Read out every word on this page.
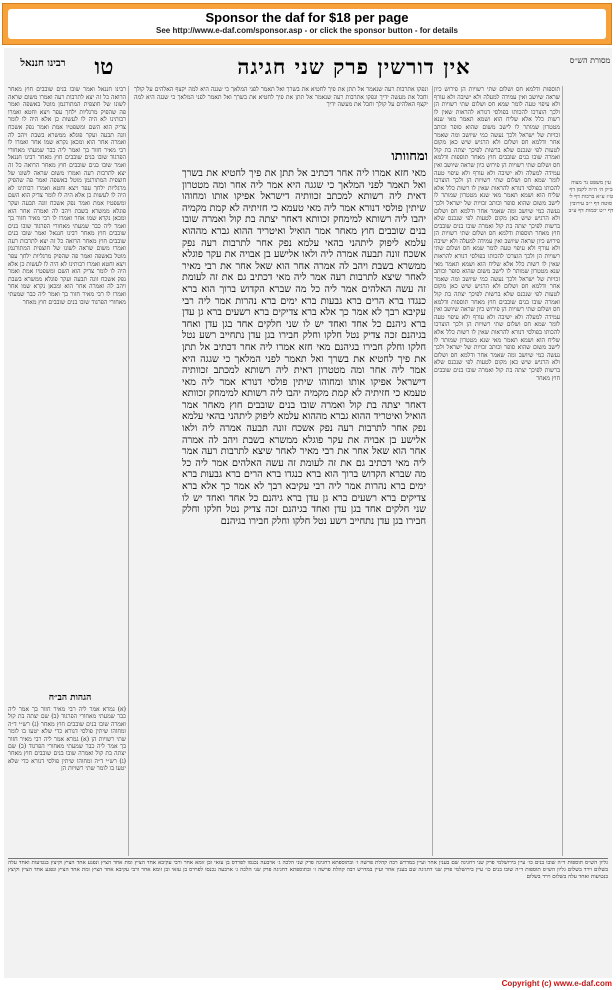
Sponsor the daf for $18 per page
See http://www.e-daf.com/sponsor.asp - or click the sponsor button - for details
מסורת הש״ס
אין דורשין פרק שני חגיגה
טו
רבינו חננאל
תוספות ודלמא חס ושלום שתי רשויות הן פירוש כיון שראה שיושב ואין עמידה למעלה ולא ישיבה ולא עורף ולא עיפוי טעה לומר שמא חס ושלום שתי רשויות הן ולכך הוצרכו להכותו בפולסי דנורא להראות שאין לו רשות כלל אלא שליח הוא ושמא תאמר מאי שנא מטטרון שמותר לו לישב משום שהוא סופר וכותב זכויות של ישראל ולכך נעשה כמי שיושב ומה שאמר אחר ודלמא חס ושלום ולא הרגיש שיש כאן מקום לטעות לפי שנכנס שלא ברשות לפיכך יצתה בת קול ואמרה שובו בנים שובבים חוץ מאחר תוספות ודלמא חס ושלום שתי רשויות הן פירוש כיון שראה שיושב ואין עמידה למעלה ולא ישיבה ולא עורף ולא עיפוי טעה לומר שמא חס ושלום שתי רשויות הן ולכך הוצרכו להכותו בפולסי דנורא להראות שאין לו רשות כלל אלא שליח הוא ושמא תאמר מאי שנא מטטרון שמותר לו לישב משום שהוא סופר וכותב זכויות של ישראל ולכך נעשה כמי שיושב ומה שאמר אחר ודלמא חס ושלום ולא הרגיש שיש כאן מקום לטעות לפי שנכנס שלא ברשות לפיכך יצתה בת קול ואמרה שובו בנים שובבים חוץ מאחר תוספות ודלמא חס ושלום שתי רשויות הן פירוש כיון שראה שיושב ואין עמידה למעלה ולא ישיבה ולא עורף ולא עיפוי טעה לומר שמא חס ושלום שתי רשויות הן ולכך הוצרכו להכותו בפולסי דנורא להראות שאין לו רשות כלל אלא שליח הוא ושמא תאמר מאי שנא מטטרון שמותר לו לישב משום שהוא סופר וכותב זכויות של ישראל ולכך נעשה כמי שיושב ומה שאמר אחר ודלמא חס ושלום ולא הרגיש שיש כאן מקום לטעות לפי שנכנס שלא ברשות לפיכך יצתה בת קול ואמרה שובו בנים שובבים חוץ מאחר תוספות ודלמא חס ושלום שתי רשויות הן פירוש כיון שראה שיושב ואין עמידה למעלה ולא ישיבה ולא עורף ולא עיפוי טעה לומר שמא חס ושלום שתי רשויות הן ולכך הוצרכו להכותו בפולסי דנורא להראות שאין לו רשות כלל אלא שליח הוא ושמא תאמר מאי שנא מטטרון שמותר לו לישב משום שהוא סופר וכותב זכויות של ישראל ולכך נעשה כמי שיושב ומה שאמר אחר ודלמא חס ושלום ולא הרגיש שיש כאן מקום לטעות לפי שנכנס שלא ברשות לפיכך יצתה בת קול ואמרה שובו בנים שובבים חוץ מאחר
עין משפט נר מצוה ב״ק ה׳ ה״ה לקמן דף ט״ז ע״א ברכות דף ל׳ סוטה דף י״ב עירובין דף י״ט יבמות דף ע״ב
ונפקו אתרבות רעה שנאמר אל תתן את פיך לחטיא את בשרך ואל תאמר לפני המלאך כי שגגה היא למה יקצף האלהים על קולך וחבל את מעשה ידיך ונפקו אתרבות רעה שנאמר אל תתן את פיך לחטיא את בשרך ואל תאמר לפני המלאך כי שגגה היא למה יקצף האלהים על קולך וחבל את מעשה ידיך
ומחוותו
מאי חזא אמרו ליה אחר דכתיב אל תתן את פיך לחטיא את בשרך ואל תאמר לפני המלאך כי שגגה היא אמר ליה אחר ומה מטטרון דאית ליה רשותא למכתב זכוותיה דישראל אפיקו אותו ומחוהו שיתין פולסי דנורא אמר ליה מאי טעמא כי חזיתיה לא קמת מקמיה יהבו ליה רשותא למימחק זכוותא דאחר יצתה בת קול ואמרה שובו בנים שובבים חוץ מאחר אמר הואיל ואיטריד ההוא גברא מההוא עלמא ליפוק ליתהני בהאי עלמא נפק אחר לתרבות רעה נפק אשכח זונה תבעה אמרה ליה ולאו אלישע בן אבויה את עקר פוגלא ממשרא בשבת ויהב לה אמרה אחר הוא שאל אחר את רבי מאיר לאחר שיצא לתרבות רעה אמר ליה מאי דכתיב גם את זה לעומת זה עשה האלהים אמר ליה כל מה שברא הקדוש ברוך הוא ברא כנגדו ברא הרים ברא גבעות ברא ימים ברא נהרות אמר ליה רבי עקיבא רבך לא אמר כך אלא ברא צדיקים ברא רשעים ברא גן עדן ברא גיהנם כל אחד ואחד יש לו שני חלקים אחד בגן עדן ואחד בגיהנם זכה צדיק נטל חלקו וחלק חבירו בגן עדן נתחייב רשע נטל חלקו וחלק חבירו בגיהנם מאי חזא אמרו ליה אחר דכתיב אל תתן את פיך לחטיא את בשרך ואל תאמר לפני המלאך כי שגגה היא אמר ליה אחר ומה מטטרון דאית ליה רשותא למכתב זכוותיה דישראל אפיקו אותו ומחוהו שיתין פולסי דנורא אמר ליה מאי טעמא כי חזיתיה לא קמת מקמיה יהבו ליה רשותא למימחק זכוותא דאחר יצתה בת קול ואמרה שובו בנים שובבים חוץ מאחר אמר הואיל ואיטריד ההוא גברא מההוא עלמא ליפוק ליתהני בהאי עלמא נפק אחר לתרבות רעה נפק אשכח זונה תבעה אמרה ליה ולאו אלישע בן אבויה את עקר פוגלא ממשרא בשבת ויהב לה אמרה אחר הוא שאל אחר את רבי מאיר לאחר שיצא לתרבות רעה אמר ליה מאי דכתיב גם את זה לעומת זה עשה האלהים אמר ליה כל מה שברא הקדוש ברוך הוא ברא כנגדו ברא הרים ברא גבעות ברא ימים ברא נהרות אמר ליה רבי עקיבא רבך לא אמר כך אלא ברא צדיקים ברא רשעים ברא גן עדן ברא גיהנם כל אחד ואחד יש לו שני חלקים אחד בגן עדן ואחד בגיהנם זכה צדיק נטל חלקו וחלק חבירו בגן עדן נתחייב רשע נטל חלקו וחלק חבירו בגיהנם
רבינו חננאל ואמר שובו בנים שובבים חוץ מאחר הרואה כל זה יצא לתרבות רעה ואמרו משום שראה לשונו של חוצפית המתורגמן מוטל באשפה ואמר פה שהפיק מרגליות ילחך עפר ויצא וחטא ואמרו רבותינו לא היה לו לעשות כן אלא היה לו לומר צדיק הוא השם ומשפטיו אמת ואמר נפק אשכח זונה תבעה ועקר פוגלא ממשרא בשבת ויהב לה ואמרה אחר הוא ומכאן נקרא שמו אחר ואמרו לו רבי מאיר חזור בך ואמר ליה כבר שמעתי מאחורי הפרגוד שובו בנים שובבים חוץ מאחר רבינו חננאל ואמר שובו בנים שובבים חוץ מאחר הרואה כל זה יצא לתרבות רעה ואמרו משום שראה לשונו של חוצפית המתורגמן מוטל באשפה ואמר פה שהפיק מרגליות ילחך עפר ויצא וחטא ואמרו רבותינו לא היה לו לעשות כן אלא היה לו לומר צדיק הוא השם ומשפטיו אמת ואמר נפק אשכח זונה תבעה ועקר פוגלא ממשרא בשבת ויהב לה ואמרה אחר הוא ומכאן נקרא שמו אחר ואמרו לו רבי מאיר חזור בך ואמר ליה כבר שמעתי מאחורי הפרגוד שובו בנים שובבים חוץ מאחר רבינו חננאל ואמר שובו בנים שובבים חוץ מאחר הרואה כל זה יצא לתרבות רעה ואמרו משום שראה לשונו של חוצפית המתורגמן מוטל באשפה ואמר פה שהפיק מרגליות ילחך עפר ויצא וחטא ואמרו רבותינו לא היה לו לעשות כן אלא היה לו לומר צדיק הוא השם ומשפטיו אמת ואמר נפק אשכח זונה תבעה ועקר פוגלא ממשרא בשבת ויהב לה ואמרה אחר הוא ומכאן נקרא שמו אחר ואמרו לו רבי מאיר חזור בך ואמר ליה כבר שמעתי מאחורי הפרגוד שובו בנים שובבים חוץ מאחר
הגהות הב״ח
(א) גמרא אמר ליה רבי מאיר חזור בך אמר ליה כבר שמעתי מאחורי הפרגוד (ב) שם יצתה בת קול ואמרה שובו בנים שובבים חוץ מאחר (ג) רש״י ד״ה ומחוהו שיתין פולסי דנורא כדי שלא יטעו בו לומר שתי רשויות הן (א) גמרא אמר ליה רבי מאיר חזור בך אמר ליה כבר שמעתי מאחורי הפרגוד (ב) שם יצתה בת קול ואמרה שובו בנים שובבים חוץ מאחר (ג) רש״י ד״ה ומחוהו שיתין פולסי דנורא כדי שלא יטעו בו לומר שתי רשויות הן
גליון הש״ס תוספות ד״ה שובו בנים כו׳ עיין בירושלמי פרק שני דחגיגה שם בענין אחר ועיין במדרש רבה קהלת פרשה ז׳ ובתוספתא דחגיגה פרק שני הלכה ג׳ ארבעה נכנסו לפרדס בן עזאי ובן זומא אחר ורבי עקיבא אחד הציץ ומת אחד הציץ ונפגע אחד הציץ וקיצץ בנטיעות ואחד עלה בשלום וירד בשלום גליון הש״ס תוספות ד״ה שובו בנים כו׳ עיין בירושלמי פרק שני דחגיגה שם בענין אחר ועיין במדרש רבה קהלת פרשה ז׳ ובתוספתא דחגיגה פרק שני הלכה ג׳ ארבעה נכנסו לפרדס בן עזאי ובן זומא אחר ורבי עקיבא אחד הציץ ומת אחד הציץ ונפגע אחד הציץ וקיצץ בנטיעות ואחד עלה בשלום וירד בשלום
Copyright (c) www.e-daf.com
